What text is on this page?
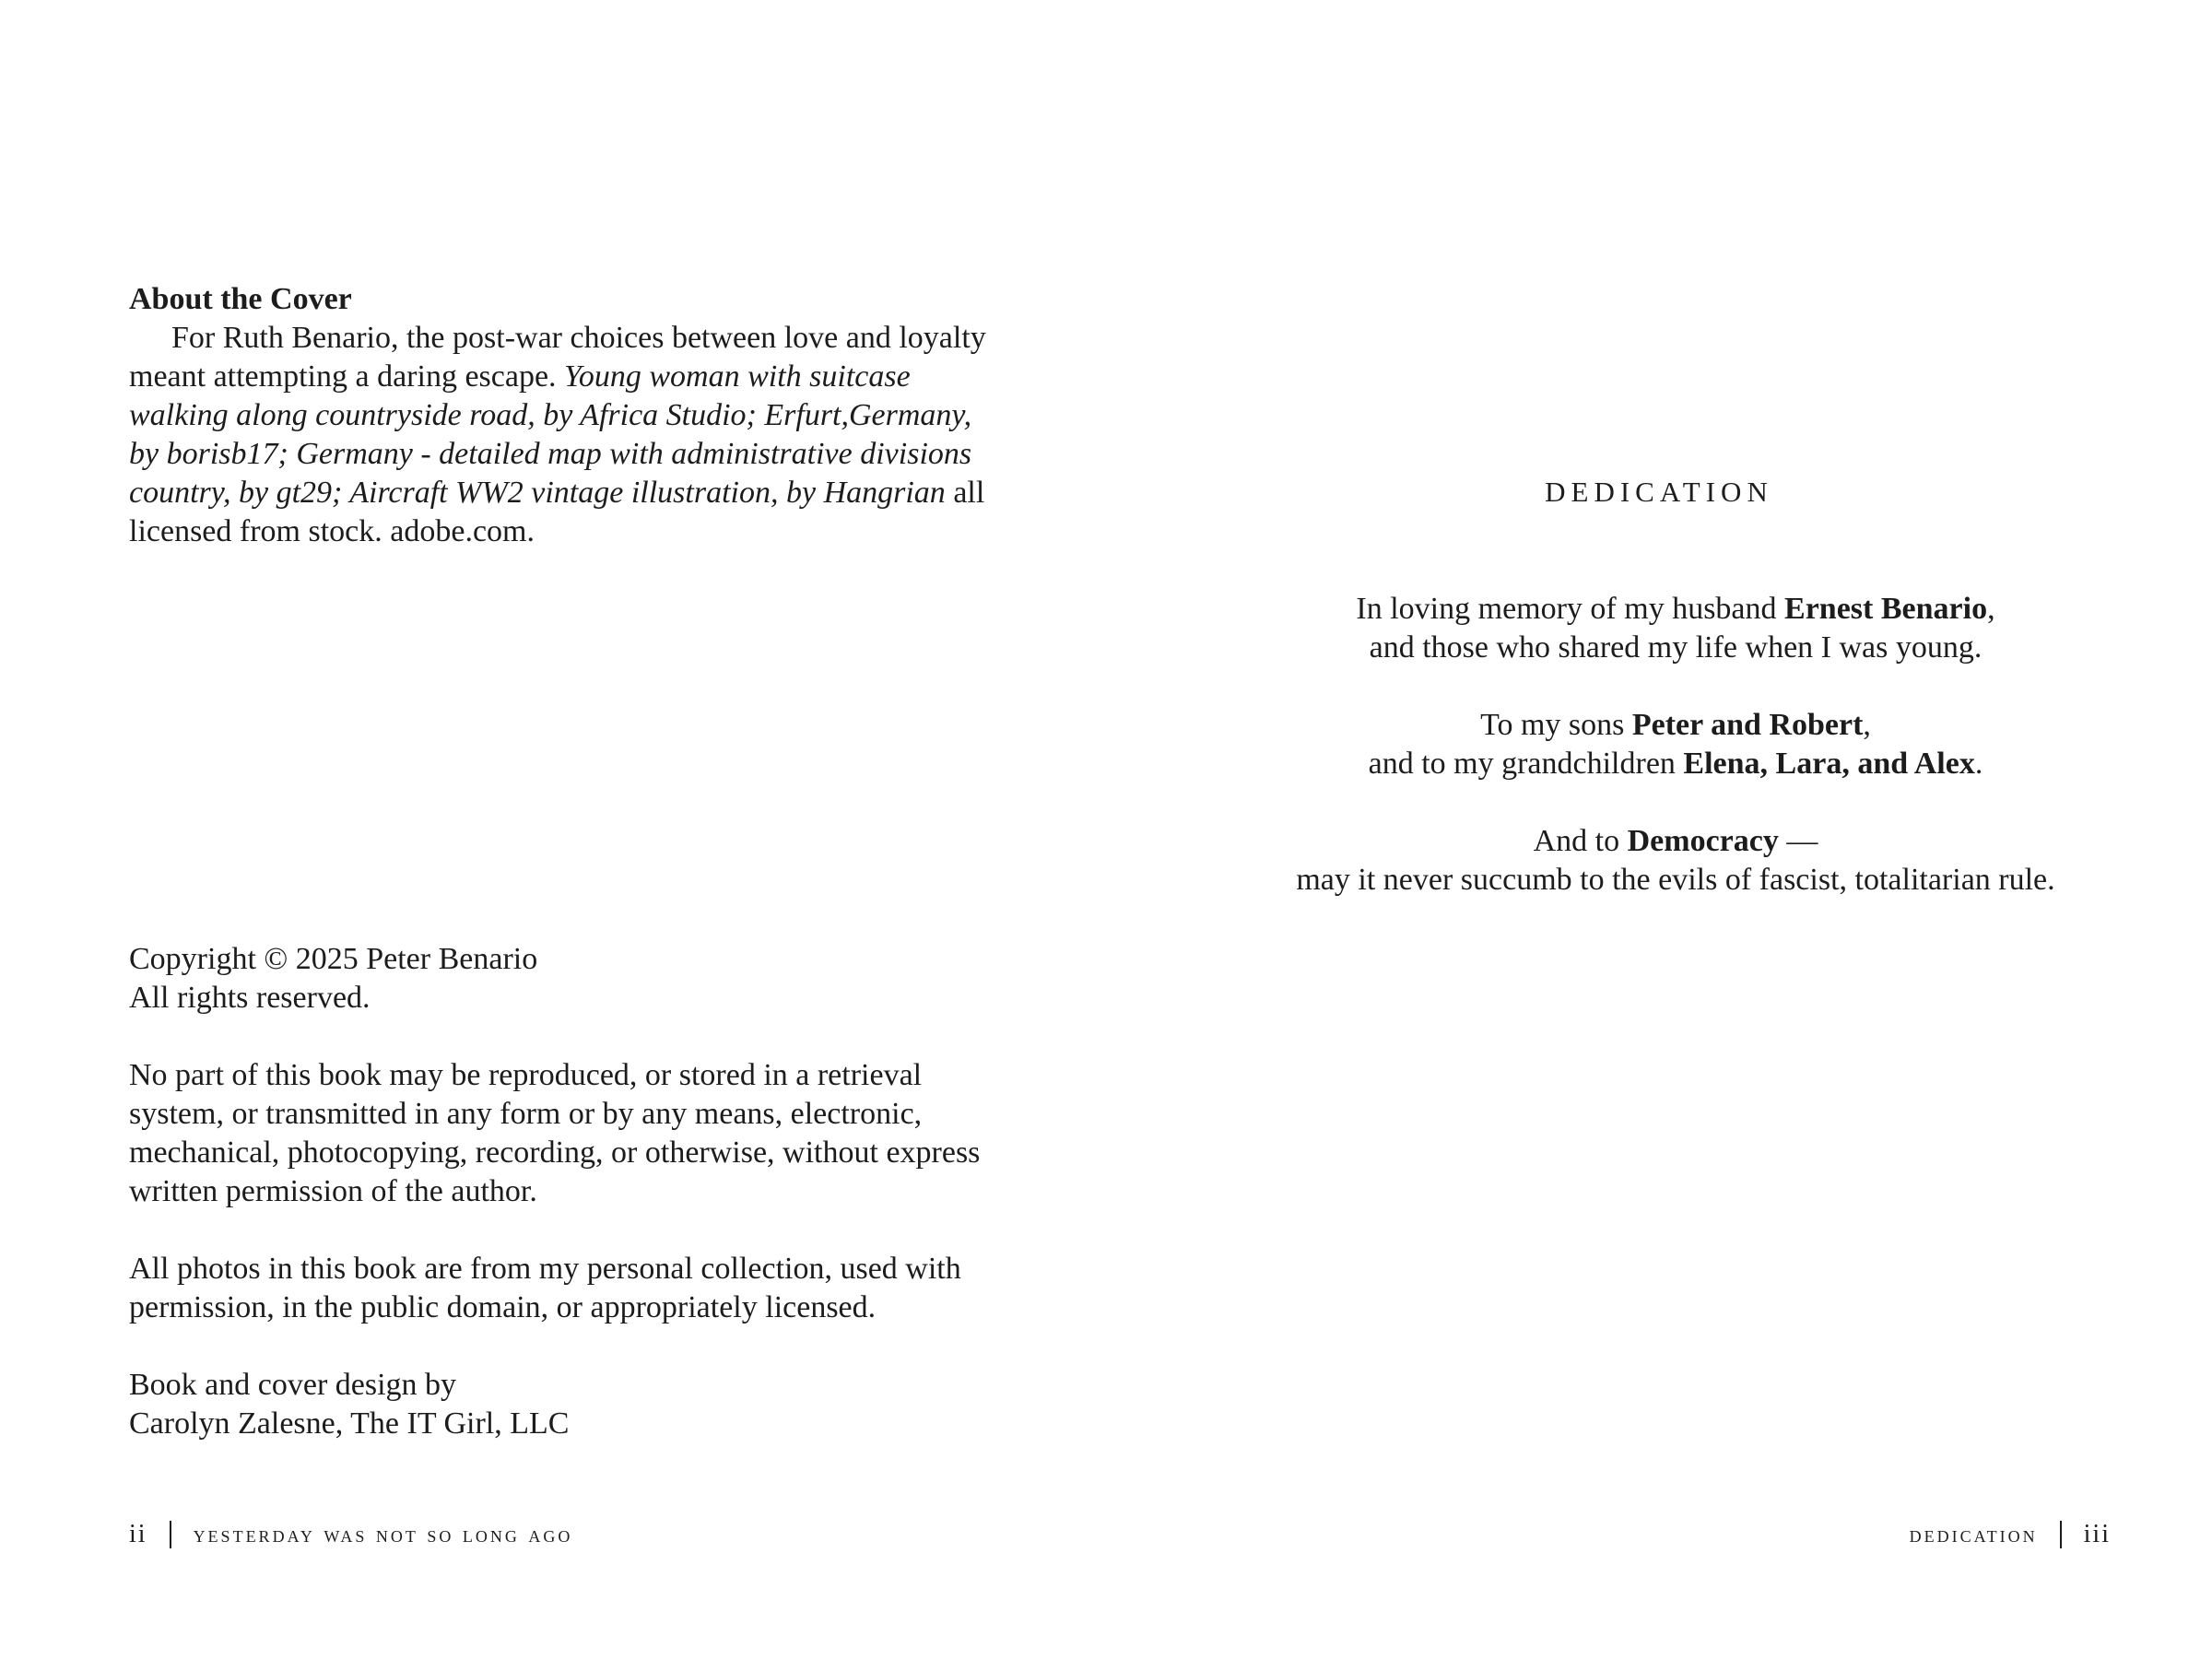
About the Cover

For Ruth Benario, the post-war choices between love and loyalty meant attempting a daring escape. Young woman with suitcase walking along countryside road, by Africa Studio; Erfurt,Germany, by borisb17; Germany - detailed map with administrative divisions country, by gt29; Aircraft WW2 vintage illustration, by Hangrian all licensed from stock. adobe.com.

Copyright © 2025 Peter Benario
All rights reserved.

No part of this book may be reproduced, or stored in a retrieval system, or transmitted in any form or by any means, electronic, mechanical, photocopying, recording, or otherwise, without express written permission of the author.

All photos in this book are from my personal collection, used with permission, in the public domain, or appropriately licensed.

Book and cover design by
Carolyn Zalesne, The IT Girl, LLC

ii yesterday was not so long ago
DEDICATION

In loving memory of my husband Ernest Benario,
and those who shared my life when I was young.

To my sons Peter and Robert,
and to my grandchildren Elena, Lara, and Alex.

And to Democracy —
may it never succumb to the evils of fascist, totalitarian rule.

dedication iii
